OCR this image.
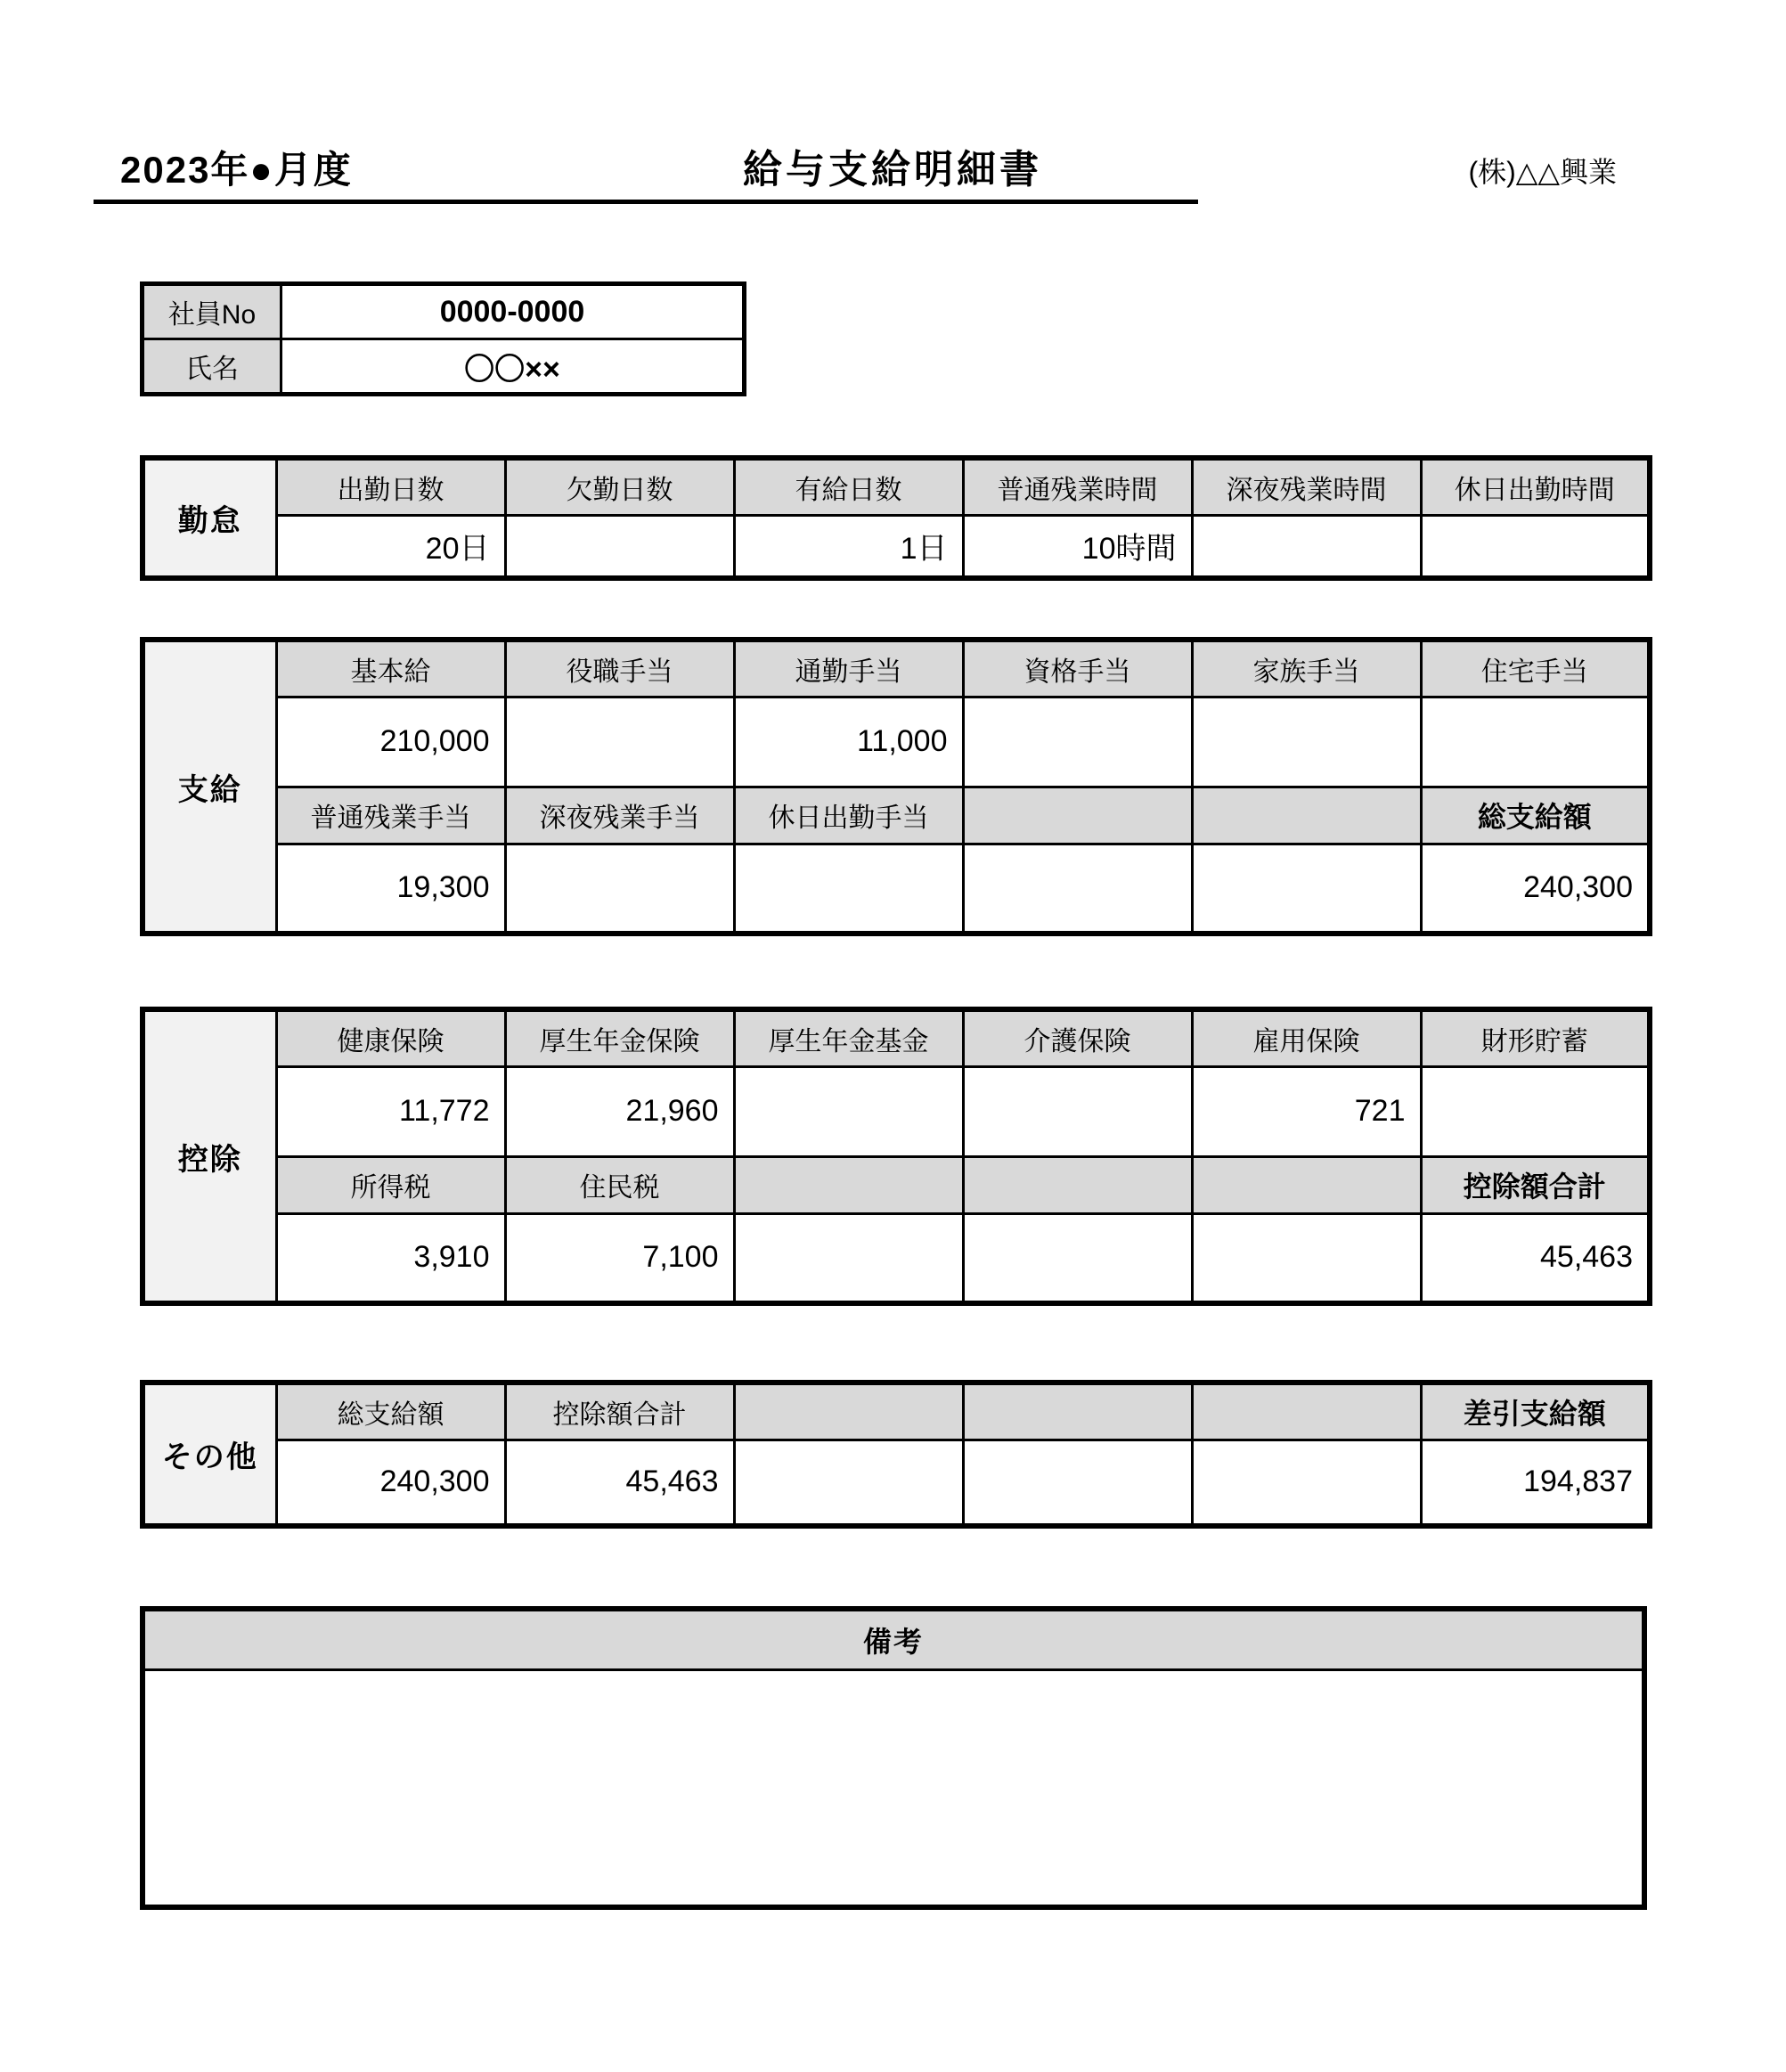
2023年●月度	給与支給明細書	(株)△△興業
社員No	0000-0000
氏名	〇〇××
勤怠	出勤日数	欠勤日数	有給日数	普通残業時間	深夜残業時間	休日出勤時間
	20日		1日	10時間		
支給	基本給	役職手当	通勤手当	資格手当	家族手当	住宅手当
	210,000		11,000			
	普通残業手当	深夜残業手当	休日出勤手当			総支給額
	19,300					240,300
控除	健康保険	厚生年金保険	厚生年金基金	介護保険	雇用保険	財形貯蓄
	11,772	21,960			721	
	所得税	住民税				控除額合計
	3,910	7,100				45,463
その他	総支給額	控除額合計				差引支給額
	240,300	45,463				194,837
備考
